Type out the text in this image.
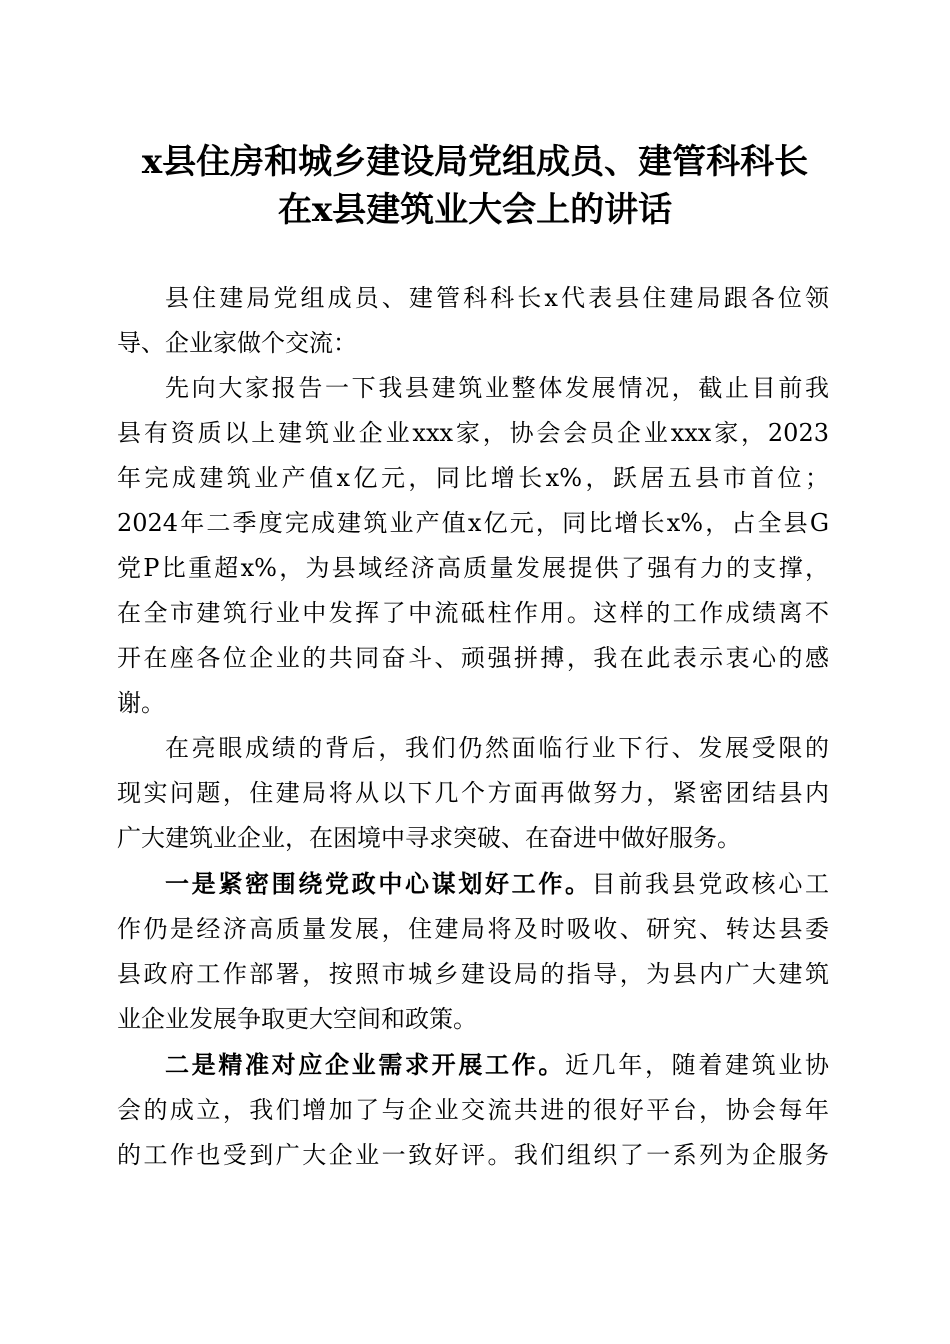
x县住房和城乡建设局党组成员、建管科科长
在x县建筑业大会上的讲话

县住建局党组成员、建管科科长x代表县住建局跟各位领
导、企业家做个交流：

先向大家报告一下我县建筑业整体发展情况，截止目前我
县有资质以上建筑业企业xxx家，协会会员企业xxx家，2023
年完成建筑业产值x亿元，同比增长x%，跃居五县市首位；
2024年二季度完成建筑业产值x亿元，同比增长x%，占全县G
党P比重超x%，为县域经济高质量发展提供了强有力的支撑，
在全市建筑行业中发挥了中流砥柱作用。这样的工作成绩离不
开在座各位企业的共同奋斗、顽强拼搏，我在此表示衷心的感
谢。

在亮眼成绩的背后，我们仍然面临行业下行、发展受限的
现实问题，住建局将从以下几个方面再做努力，紧密团结县内
广大建筑业企业，在困境中寻求突破、在奋进中做好服务。

一是紧密围绕党政中心谋划好工作。目前我县党政核心工
作仍是经济高质量发展，住建局将及时吸收、研究、转达县委
县政府工作部署，按照市城乡建设局的指导，为县内广大建筑
业企业发展争取更大空间和政策。

二是精准对应企业需求开展工作。近几年，随着建筑业协
会的成立，我们增加了与企业交流共进的很好平台，协会每年
的工作也受到广大企业一致好评。我们组织了一系列为企服务
